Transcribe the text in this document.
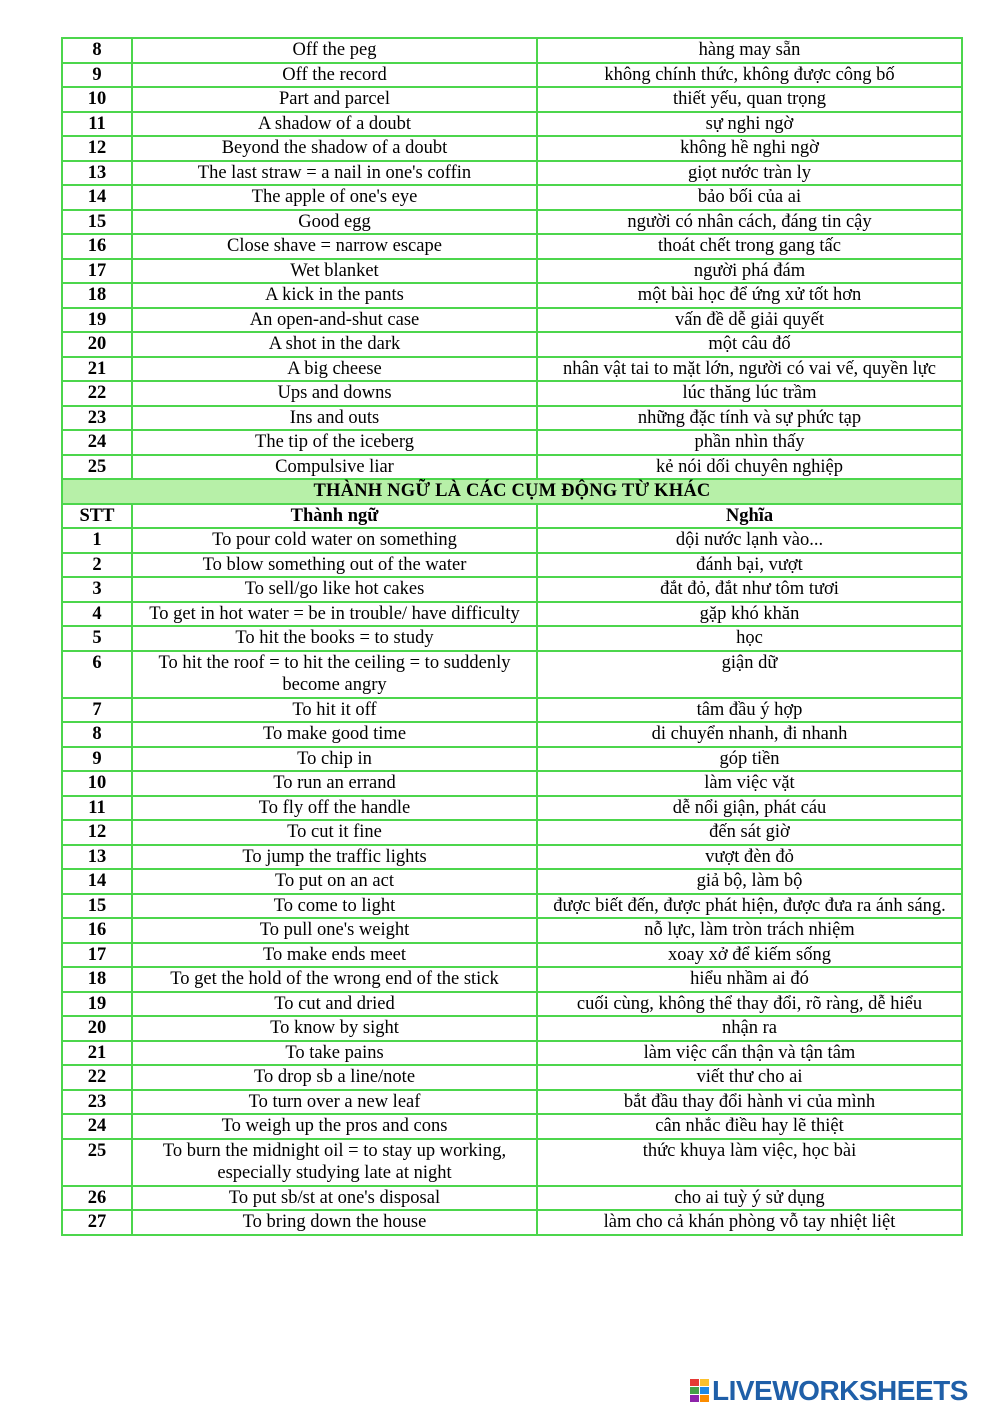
8	Off the peg	hàng may sẵn
9	Off the record	không chính thức, không được công bố
10	Part and parcel	thiết yếu, quan trọng
11	A shadow of a doubt	sự nghi ngờ
12	Beyond the shadow of a doubt	không hề nghi ngờ
13	The last straw = a nail in one's coffin	giọt nước tràn ly
14	The apple of one's eye	bảo bối của ai
15	Good egg	người có nhân cách, đáng tin cậy
16	Close shave = narrow escape	thoát chết trong gang tấc
17	Wet blanket	người phá đám
18	A kick in the pants	một bài học để ứng xử tốt hơn
19	An open-and-shut case	vấn đề dễ giải quyết
20	A shot in the dark	một câu đố
21	A big cheese	nhân vật tai to mặt lớn, người có vai vế, quyền lực
22	Ups and downs	lúc thăng lúc trầm
23	Ins and outs	những đặc tính và sự phức tạp
24	The tip of the iceberg	phần nhìn thấy
25	Compulsive liar	kẻ nói dối chuyên nghiệp
THÀNH NGỮ LÀ CÁC CỤM ĐỘNG TỪ KHÁC		
STT	Thành ngữ	Nghĩa
1	To pour cold water on something	dội nước lạnh vào...
2	To blow something out of the water	đánh bại, vượt
3	To sell/go like hot cakes	đắt đỏ, đắt như tôm tươi
4	To get in hot water = be in trouble/ have difficulty	gặp khó khăn
5	To hit the books = to study	học
6	To hit the roof = to hit the ceiling = to suddenly become angry	giận dữ
7	To hit it off	tâm đầu ý hợp
8	To make good time	di chuyển nhanh, đi nhanh
9	To chip in	góp tiền
10	To run an errand	làm việc vặt
11	To fly off the handle	dễ nổi giận, phát cáu
12	To cut it fine	đến sát giờ
13	To jump the traffic lights	vượt đèn đỏ
14	To put on an act	giả bộ, làm bộ
15	To come to light	được biết đến, được phát hiện, được đưa ra ánh sáng.
16	To pull one's weight	nỗ lực, làm tròn trách nhiệm
17	To make ends meet	xoay xở để kiếm sống
18	To get the hold of the wrong end of the stick	hiểu nhầm ai đó
19	To cut and dried	cuối cùng, không thể thay đổi, rõ ràng, dễ hiểu
20	To know by sight	nhận ra
21	To take pains	làm việc cẩn thận và tận tâm
22	To drop sb a line/note	viết thư cho ai
23	To turn over a new leaf	bắt đầu thay đổi hành vi của mình
24	To weigh up the pros and cons	cân nhắc điều hay lẽ thiệt
25	To burn the midnight oil = to stay up working, especially studying late at night	thức khuya làm việc, học bài
26	To put sb/st at one's disposal	cho ai tuỳ ý sử dụng
27	To bring down the house	làm cho cả khán phòng vỗ tay nhiệt liệt
LIVEWORKSHEETS
